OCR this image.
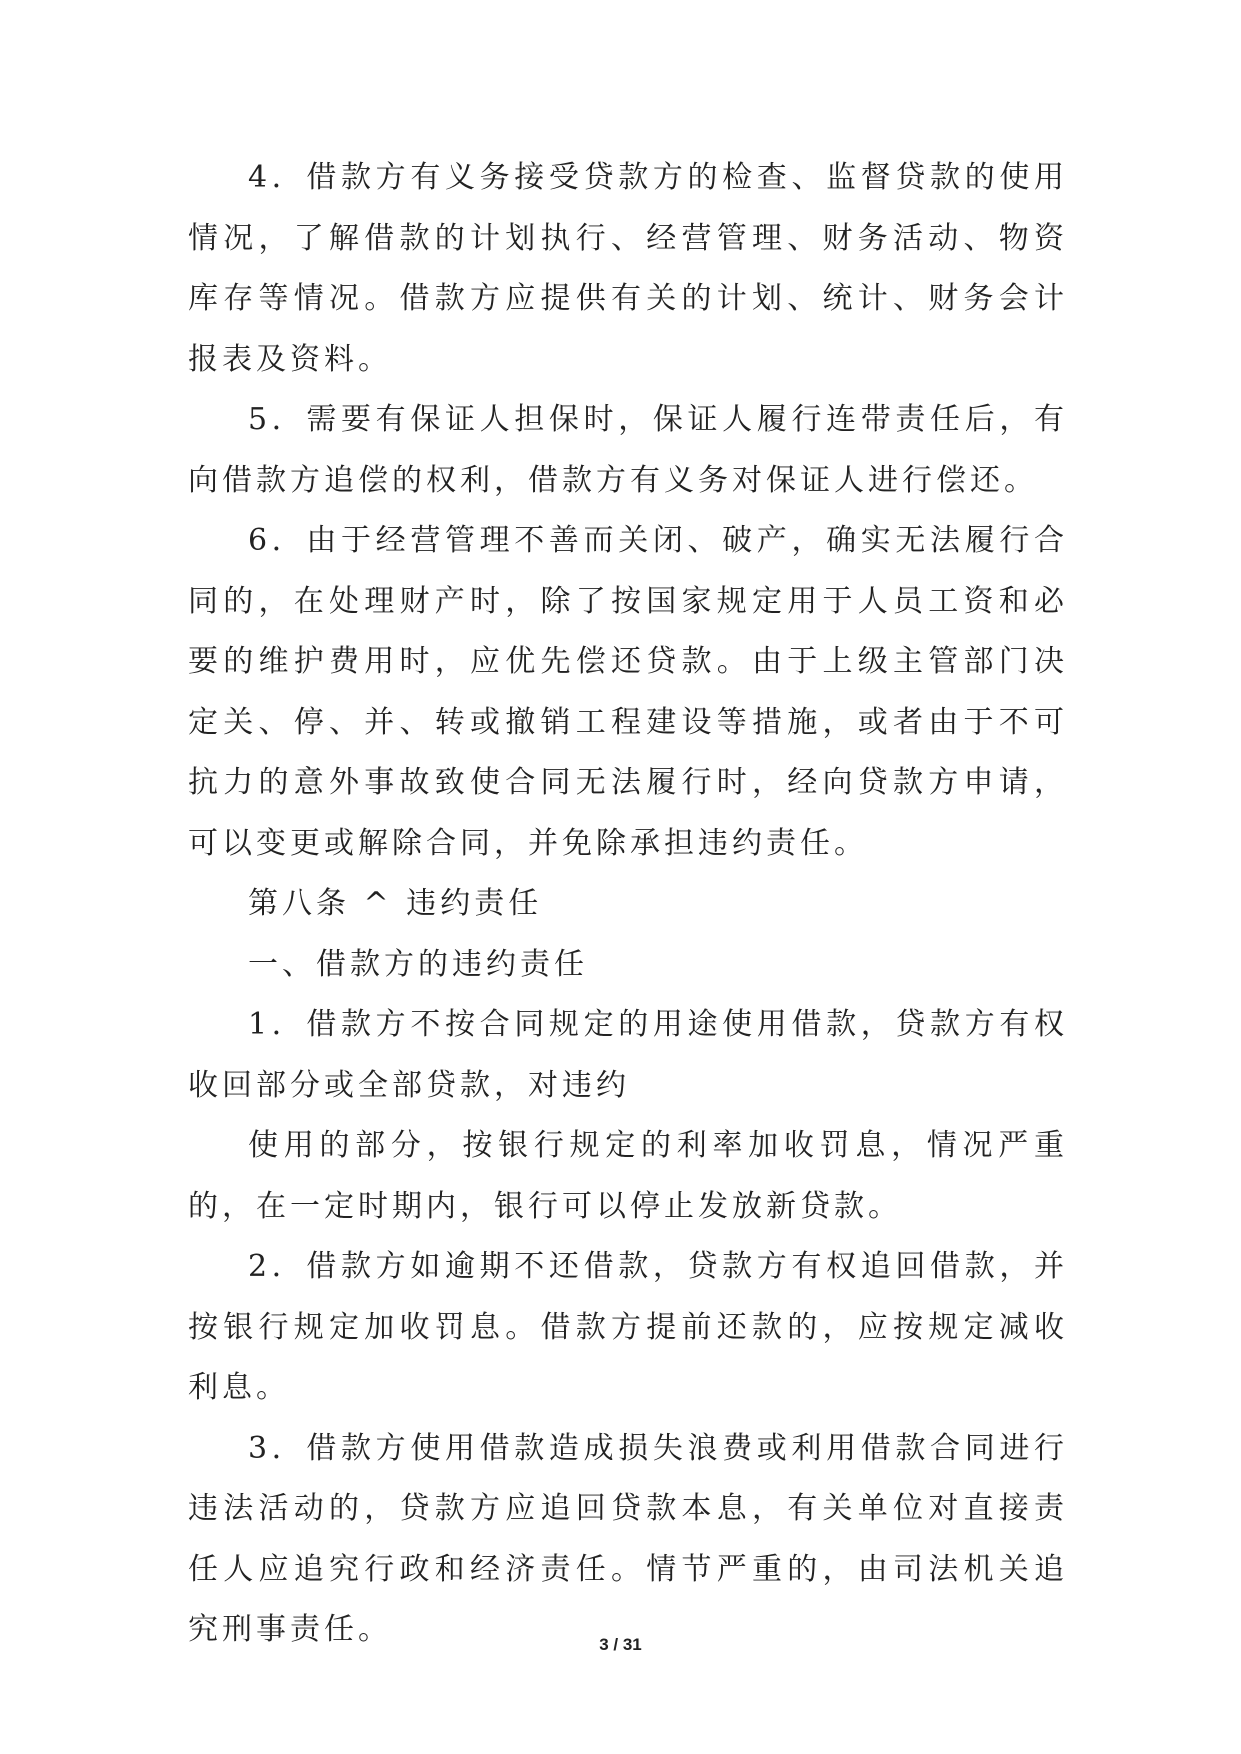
4．借款方有义务接受贷款方的检查、监督贷款的使用情况，了解借款的计划执行、经营管理、财务活动、物资库存等情况。借款方应提供有关的计划、统计、财务会计报表及资料。

5．需要有保证人担保时，保证人履行连带责任后，有向借款方追偿的权利，借款方有义务对保证人进行偿还。

6．由于经营管理不善而关闭、破产，确实无法履行合同的，在处理财产时，除了按国家规定用于人员工资和必要的维护费用时，应优先偿还贷款。由于上级主管部门决定关、停、并、转或撤销工程建设等措施，或者由于不可抗力的意外事故致使合同无法履行时，经向贷款方申请，可以变更或解除合同，并免除承担违约责任。

第八条 ^ 违约责任

一、借款方的违约责任

1．借款方不按合同规定的用途使用借款，贷款方有权收回部分或全部贷款，对违约

使用的部分，按银行规定的利率加收罚息，情况严重的，在一定时期内，银行可以停止发放新贷款。

2．借款方如逾期不还借款，贷款方有权追回借款，并按银行规定加收罚息。借款方提前还款的，应按规定减收利息。

3．借款方使用借款造成损失浪费或利用借款合同进行违法活动的，贷款方应追回贷款本息，有关单位对直接责任人应追究行政和经济责任。情节严重的，由司法机关追究刑事责任。	3 / 31
